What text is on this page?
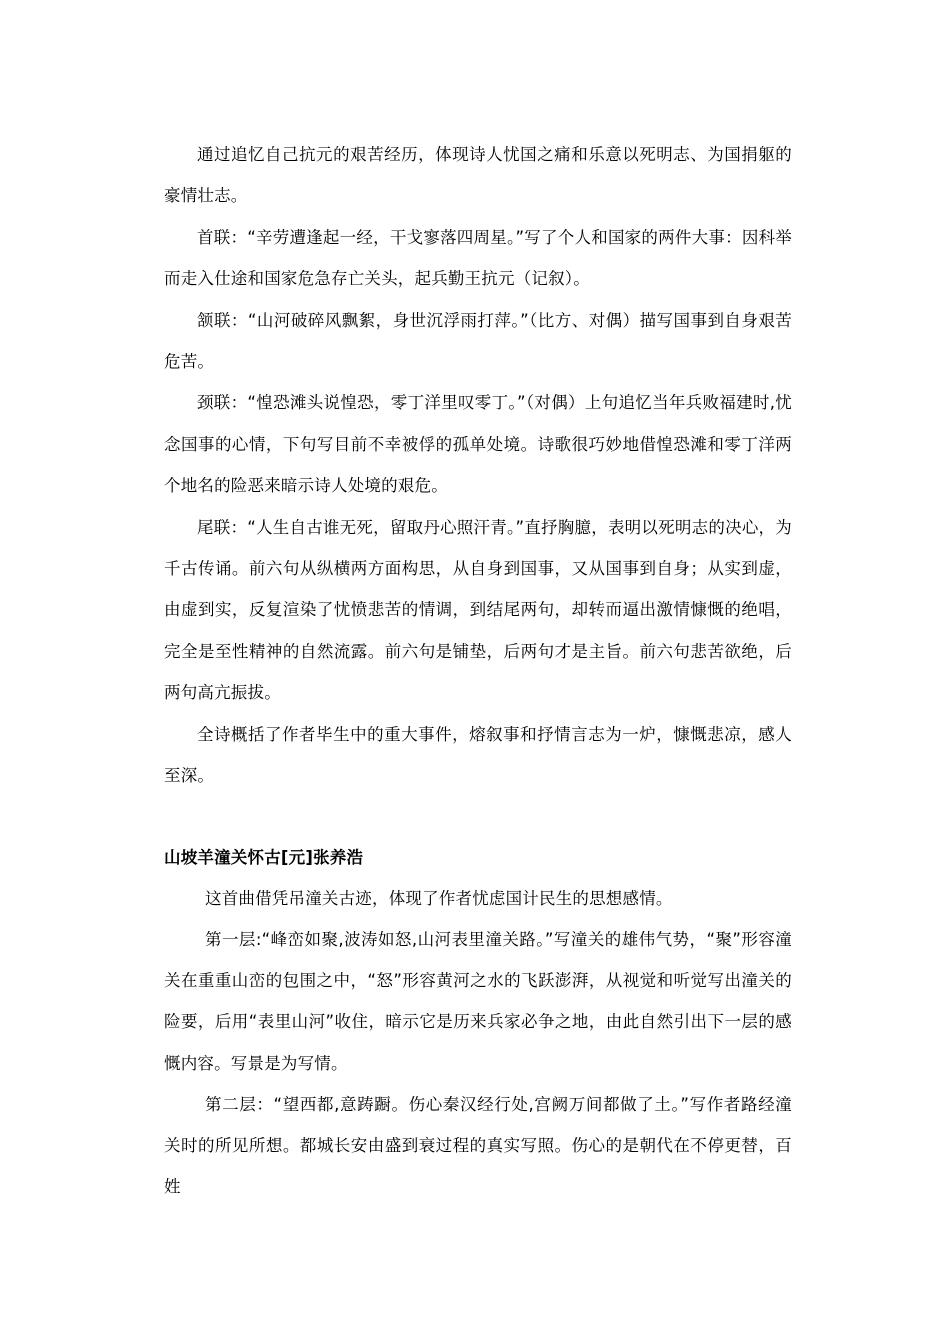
通过追忆自己抗元的艰苦经历，体现诗人忧国之痛和乐意以死明志、为国捐躯的豪情壮志。

首联：“辛劳遭逢起一经，干戈寥落四周星。”写了个人和国家的两件大事：因科举而走入仕途和国家危急存亡关头，起兵勤王抗元（记叙）。

颔联：“山河破碎风飘絮，身世沉浮雨打萍。”（比方、对偶）描写国事到自身艰苦危苦。

颈联：“惶恐滩头说惶恐，零丁洋里叹零丁。”（对偶）上句追忆当年兵败福建时,忧念国事的心情，下句写目前不幸被俘的孤单处境。诗歌很巧妙地借惶恐滩和零丁洋两个地名的险恶来暗示诗人处境的艰危。

尾联：“人生自古谁无死，留取丹心照汗青。”直抒胸臆，表明以死明志的决心，为千古传诵。前六句从纵横两方面构思，从自身到国事，又从国事到自身；从实到虚，由虚到实，反复渲染了忧愤悲苦的情调，到结尾两句，却转而逼出激情慷慨的绝唱，完全是至性精神的自然流露。前六句是铺垫，后两句才是主旨。前六句悲苦欲绝，后两句高亢振拔。

全诗概括了作者毕生中的重大事件，熔叙事和抒情言志为一炉，慷慨悲凉，感人至深。

山坡羊潼关怀古[元]张养浩

这首曲借凭吊潼关古迹，体现了作者忧虑国计民生的思想感情。

第一层:“峰峦如聚,波涛如怒,山河表里潼关路。”写潼关的雄伟气势，“聚”形容潼关在重重山峦的包围之中，“怒”形容黄河之水的飞跃澎湃，从视觉和听觉写出潼关的险要，后用“表里山河”收住，暗示它是历来兵家必争之地，由此自然引出下一层的感慨内容。写景是为写情。

第二层：“望西都,意踌蹰。伤心秦汉经行处,宫阙万间都做了土。”写作者路经潼关时的所见所想。都城长安由盛到衰过程的真实写照。伤心的是朝代在不停更替，百姓
